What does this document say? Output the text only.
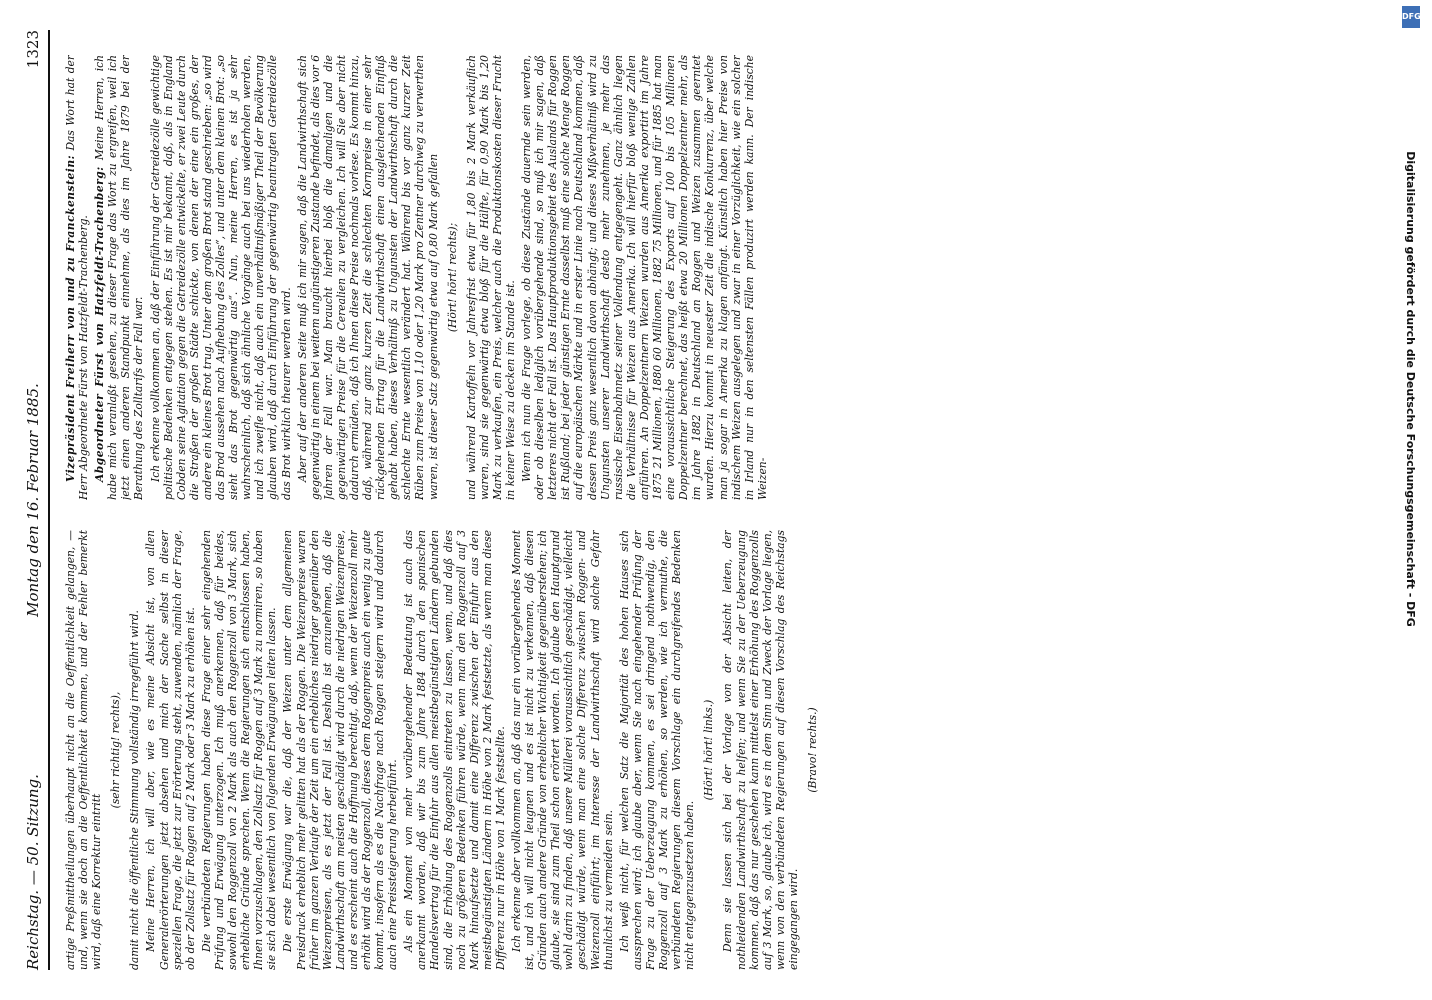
Reichstag. — 50. Sitzung.
Montag den 16. Februar 1885.
1323

artige Preßmittheilungen überhaupt nicht an die Oeffentlichkeit gelangen, — und, wenn sie doch an die Oeffentlichkeit kommen, und der Fehler bemerkt wird, daß eine Korrektur eintritt

(sehr richtig! rechts), damit nicht die öffentliche Stimmung vollständig irregeführt wird. Meine Herren, ich will aber, wie es meine Absicht ist, von allen Generalerörterungen jetzt absehen und mich der Sache selbst in dieser speziellen Frage, die jetzt zur Erörterung steht, zuwenden, nämlich der Frage, ob der Zollsatz für Roggen auf 2 Mark oder 3 Mark zu erhöhen ist. Die verbündeten Regierungen haben diese Frage einer sehr eingehenden Prüfung und Erwägung unterzogen. Ich muß anerkennen, daß für beides, sowohl den Roggenzoll von 2 Mark als auch den Roggenzoll von 3 Mark, sich erhebliche Gründe sprechen. Wenn die Regierungen sich entschlossen haben, Ihnen vorzuschlagen, den Zollsatz für Roggen auf 3 Mark zu normiren, so haben sie sich dabei wesentlich von folgenden Erwägungen leiten lassen. Die erste Erwägung war die, daß der Weizen unter dem allgemeinen Preisdruck erheblich mehr gelitten hat als der Roggen. Die Weizenpreise waren früher im ganzen Verlaufe der Zeit um ein erhebliches niedriger gegenüber den Weizenpreisen, als es jetzt der Fall ist. Deshalb ist anzunehmen, daß die Landwirthschaft am meisten geschädigt wird durch die niedrigen Weizenpreise, und es erscheint auch die Hoffnung berechtigt, daß, wenn der Weizenzoll mehr erhöht wird als der Roggenzoll, dieses dem Roggenpreis auch ein wenig zu gute kommt, insofern als es die Nachfrage nach Roggen steigern wird und dadurch auch eine Preissteigerung herbeiführt. Als ein Moment von mehr vorübergehender Bedeutung ist auch das anerkannt worden, daß wir bis zum Jahre 1884 durch den spanischen Handelsvertrag für die Einfuhr aus allen meistbegünstigten Ländern gebunden sind, die Erhöhung des Roggenzolls eintreten zu lassen, wenn, und daß dies noch zu größeren Bedenken führen würde, wenn man den Roggenzoll auf 3 Mark hinaufsetzte und damit eine Differenz zwischen der Einfuhr aus den meistbegünstigten Ländern in Höhe von 2 Mark festsetzte, als wenn man diese Differenz nur in Höhe von 1 Mark feststellte. Ich erkenne aber vollkommen an, daß das nur ein vorübergehendes Moment ist, und ich will nicht leugnen und es ist nicht zu verkennen, daß diesen Gründen auch andere Gründe von erheblicher Wichtigkeit gegenüberstehen; ich glaube, sie sind zum Theil schon erörtert worden. Ich glaube den Hauptgrund wohl darin zu finden, daß unsere Müllerei voraussichtlich geschädigt, vielleicht geschädigt würde, wenn man eine solche Differenz zwischen Roggen- und Weizenzoll einführt; im Interesse der Landwirthschaft wird solche Gefahr thunlichst zu vermeiden sein. Ich weiß nicht, für welchen Satz die Majorität des hohen Hauses sich aussprechen wird; ich glaube aber, wenn Sie nach eingehender Prüfung der Frage zu der Ueberzeugung kommen, es sei dringend nothwendig, den Roggenzoll auf 3 Mark zu erhöhen, so werden, wie ich vermuthe, die verbündeten Regierungen diesem Vorschlage ein durchgreifendes Bedenken nicht entgegenzusetzen haben.

(Hört! hört! links.) Denn sie lassen sich bei der Vorlage von der Absicht leiten, der nothleidenden Landwirthschaft zu helfen; und wenn Sie zu der Ueberzeugung kommen, daß das nur geschehen kann mittelst einer Erhöhung des Roggenzolls auf 3 Mark, so, glaube ich, wird es in dem Sinn und Zweck der Vorlage liegen, wenn von den verbündeten Regierungen auf diesen Vorschlag des Reichstags eingegangen wird.

(Bravo! rechts.)

Vizepräsident Freiherr von und zu Franckenstein: Das Wort hat der Herr Abgeordnete Fürst von Hatzfeldt-Trachenberg. Abgeordneter Fürst von Hatzfeldt-Trachenberg: Meine Herren, ich habe mich veranlaßt gesehen, zu dieser Frage das Wort zu ergreifen, weil ich jetzt einen anderen Standpunkt einnehme, als dies im Jahre 1879 bei der Berathung des Zolltarifs der Fall war. Ich erkenne vollkommen an, daß der Einführung der Getreidezölle gewichtige politische Bedenken entgegen stehen. Es ist mir bekannt, daß, als in England Cobden seine Agitation gegen die Getreidezölle entwickelte, er zwei Leute durch die Straßen der großen Städte schickte, von denen der eine ein großes, der andere ein kleines Brot trug. Unter dem großen Brot stand geschrieben: „so wird das Brod aussehen nach Aufhebung des Zolles“, und unter dem kleinen Brot: „so sieht das Brot gegenwärtig aus“. Nun, meine Herren, es ist ja sehr wahrscheinlich, daß sich ähnliche Vorgänge auch bei uns wiederholen werden, und ich zweifle nicht, daß auch ein unverhältnißmäßiger Theil der Bevölkerung glauben wird, daß durch Einführung der gegenwärtig beantragten Getreidezölle das Brot wirklich theurer werden wird. Aber auf der anderen Seite muß ich mir sagen, daß die Landwirthschaft sich gegenwärtig in einem bei weitem ungünstigeren Zustande befindet, als dies vor 6 Jahren der Fall war. Man braucht hierbei bloß die damaligen und die gegenwärtigen Preise für die Cerealien zu vergleichen. Ich will Sie aber nicht dadurch ermüden, daß ich Ihnen diese Preise nochmals vorlese. Es kommt hinzu, daß, während zur ganz kurzen Zeit die schlechten Kornpreise in einer sehr rückgehenden Ertrag für die Landwirthschaft einen ausgleichenden Einfluß gehabt haben, dieses Verhältniß zu Ungunsten der Landwirthschaft durch die schlechte Ernte wesentlich verändert hat. Während bis vor ganz kurzer Zeit Rüben zum Preise von 1,10 oder 1,20 Mark pro Zentner durchweg zu verwerthen waren, ist dieser Satz gegenwärtig etwa auf 0,80 Mark gefallen (Hört! hört! rechts); und während Kartoffeln vor Jahresfrist etwa für 1,80 bis 2 Mark verkäuflich waren, sind sie gegenwärtig etwa bloß für die Hälfte, für 0,90 Mark bis 1,20 Mark zu verkaufen, ein Preis, welcher auch die Produktionskosten dieser Frucht in keiner Weise zu decken im Stande ist. Wenn ich nun die Frage vorlege, ob diese Zustände dauernde sein werden, oder ob dieselben lediglich vorübergehende sind, so muß ich mir sagen, daß letzteres nicht der Fall ist. Das Hauptproduktionsgebiet des Auslands für Roggen ist Rußland; bei jeder günstigen Ernte dasselbst muß eine solche Menge Roggen auf die europäischen Märkte und in erster Linie nach Deutschland kommen, daß dessen Preis ganz wesentlich davon abhängt; und dieses Mißverhältniß wird zu Ungunsten unserer Landwirthschaft desto mehr zunehmen, je mehr das russische Eisenbahnnetz seiner Vollendung entgegengeht. Ganz ähnlich liegen die Verhältnisse für Weizen aus Amerika. Ich will hierfür bloß wenige Zahlen anführen. An Doppelzentnern Weizen wurden aus Amerika exportirt im Jahre 1875 21 Millionen, 1880 60 Millionen, 1882 75 Millionen, und für 1885 hat man eine voraussichtliche Steigerung des Exports auf 100 bis 105 Millionen Doppelzentner berechnet, das heißt etwa 20 Millionen Doppelzentner mehr, als im Jahre 1882 in Deutschland an Roggen und Weizen zusammen geerntet wurden. Hierzu kommt in neuester Zeit die indische Konkurrenz, über welche man ja sogar in Amerika zu klagen anfängt. Künstlich haben hier Preise von indischem Weizen ausgelegen und zwar in einer Vorzüglichkeit, wie ein solcher in Irland nur in den seltensten Fällen produzirt werden kann. Der indische Weizen-

DFG
Digitalisierung gefördert durch die Deutsche Forschungsgemeinschaft - DFG
